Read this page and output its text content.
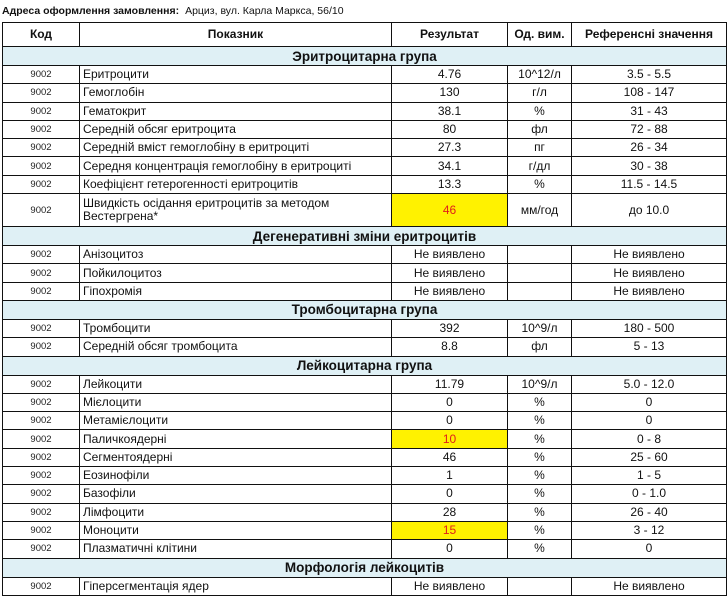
Адреса оформлення замовлення: Арциз, вул. Карла Маркса, 56/10
Код	Показник	Результат	Од. вим.	Референсні значення
Эритроцитарна група				
9002	Еритроцити	4.76	10^12/л	3.5 - 5.5
9002	Гемоглобін	130	г/л	108 - 147
9002	Гематокрит	38.1	%	31 - 43
9002	Середній обсяг еритроцита	80	фл	72 - 88
9002	Середній вміст гемоглобіну в еритроциті	27.3	пг	26 - 34
9002	Середня концентрація гемоглобіну в еритроциті	34.1	г/дл	30 - 38
9002	Коефіцієнт гетерогенності еритроцитів	13.3	%	11.5 - 14.5
9002	Швидкість осідання еритроцитів за методом Вестергрена*	46	мм/год	до 10.0
Дегенеративні зміни еритроцитів				
9002	Анізоцитоз	Не виявлено		Не виявлено
9002	Пойкилоцитоз	Не виявлено		Не виявлено
9002	Гіпохромія	Не виявлено		Не виявлено
Тромбоцитарна група				
9002	Тромбоцити	392	10^9/л	180 - 500
9002	Середній обсяг тромбоцита	8.8	фл	5 - 13
Лейкоцитарна група				
9002	Лейкоцити	11.79	10^9/л	5.0 - 12.0
9002	Мієлоцити	0	%	0
9002	Метамієлоцити	0	%	0
9002	Паличкоядерні	10	%	0 - 8
9002	Сегментоядерні	46	%	25 - 60
9002	Еозинофіли	1	%	1 - 5
9002	Базофіли	0	%	0 - 1.0
9002	Лімфоцити	28	%	26 - 40
9002	Моноцити	15	%	3 - 12
9002	Плазматичні клітини	0	%	0
Морфологія лейкоцитів				
9002	Гіперсегментація ядер	Не виявлено		Не виявлено
